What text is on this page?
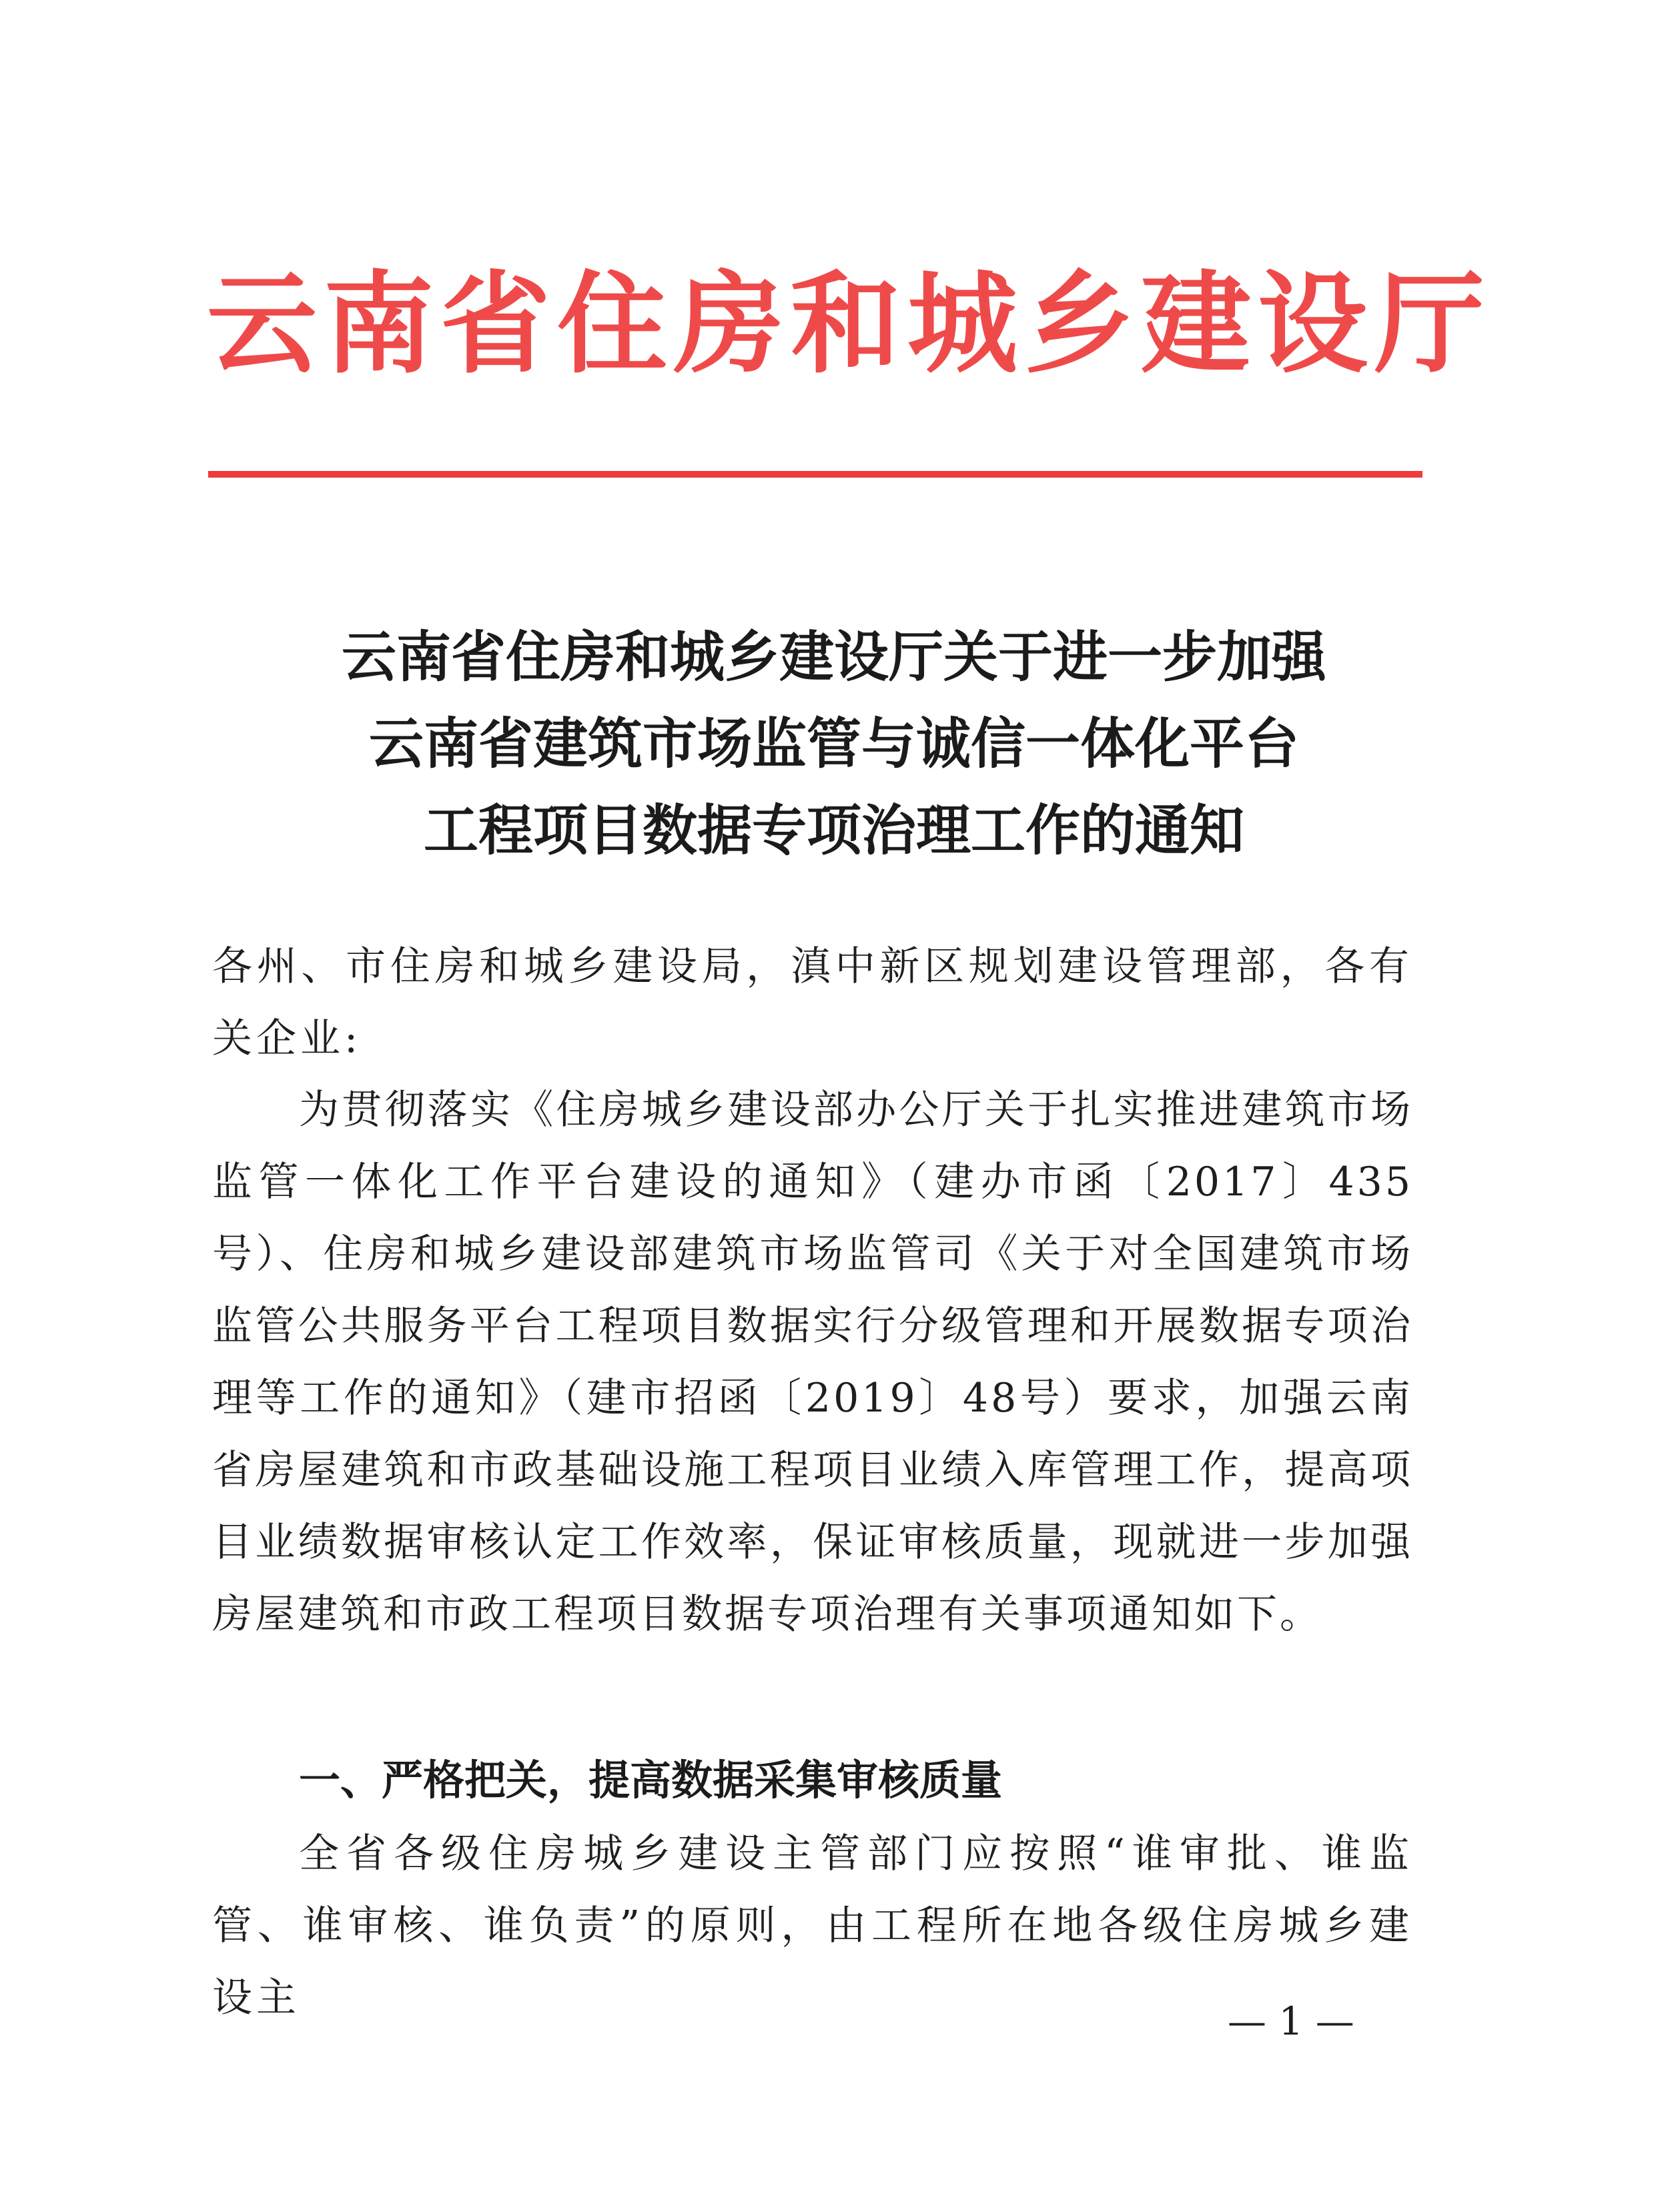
云南省住房和城乡建设厅
云南省住房和城乡建设厅关于进一步加强
云南省建筑市场监管与诚信一体化平台
工程项目数据专项治理工作的通知
各州、市住房和城乡建设局，滇中新区规划建设管理部，各有关企业:
为贯彻落实《住房城乡建设部办公厅关于扎实推进建筑市场监管一体化工作平台建设的通知》（建办市函〔2017〕435号）、住房和城乡建设部建筑市场监管司《关于对全国建筑市场监管公共服务平台工程项目数据实行分级管理和开展数据专项治理等工作的通知》（建市招函〔2019〕48号）要求，加强云南省房屋建筑和市政基础设施工程项目业绩入库管理工作，提高项目业绩数据审核认定工作效率，保证审核质量，现就进一步加强房屋建筑和市政工程项目数据专项治理有关事项通知如下。
一、严格把关，提高数据采集审核质量
全省各级住房城乡建设主管部门应按照“谁审批、谁监管、谁审核、谁负责”的原则，由工程所在地各级住房城乡建设主	— 1 —
